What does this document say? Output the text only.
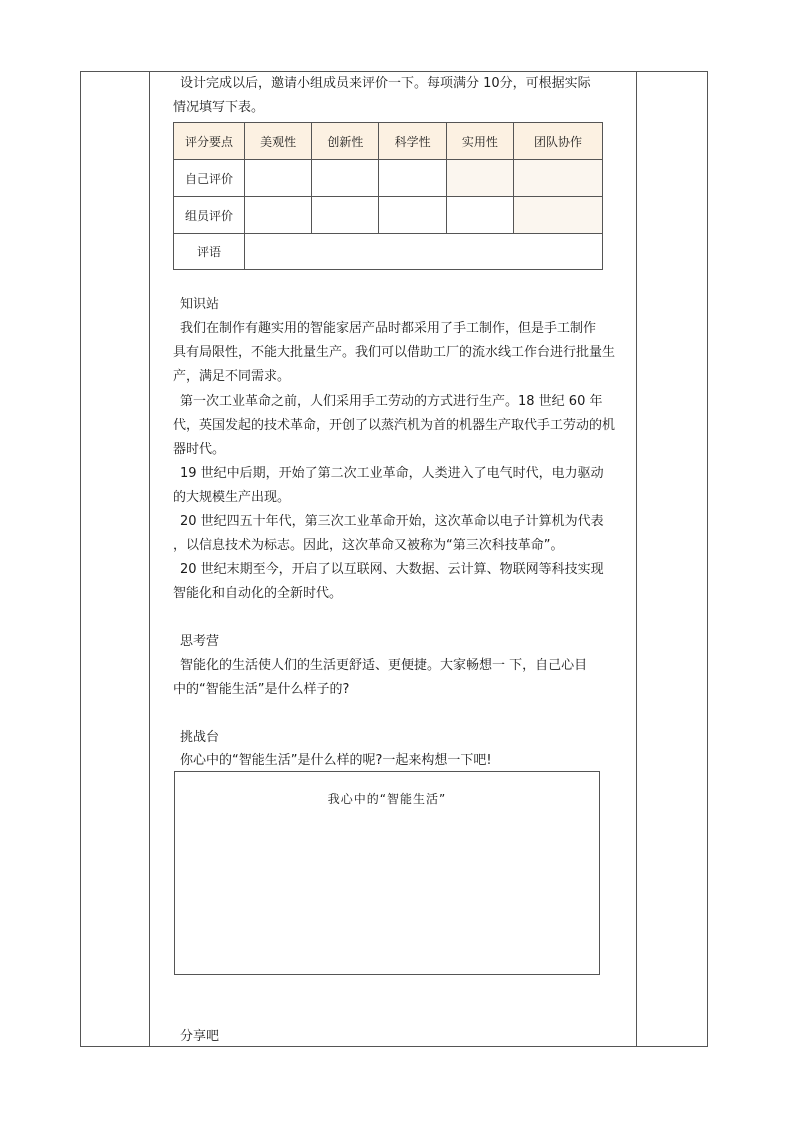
设计完成以后，邀请小组成员来评价一下。每项满分 10分，可根据实际
情况填写下表。
评分要点	美观性	创新性	科学性	实用性	团队协作
自己评价					
组员评价					
评语					
知识站
我们在制作有趣实用的智能家居产品时都采用了手工制作，但是手工制作
具有局限性，不能大批量生产。我们可以借助工厂的流水线工作台进行批量生
产，满足不同需求。
第一次工业革命之前，人们采用手工劳动的方式进行生产。18 世纪 60 年
代，英国发起的技术革命，开创了以蒸汽机为首的机器生产取代手工劳动的机
器时代。
19 世纪中后期，开始了第二次工业革命，人类进入了电气时代，电力驱动
的大规模生产出现。
20 世纪四五十年代，第三次工业革命开始，这次革命以电子计算机为代表
，以信息技术为标志。因此，这次革命又被称为“第三次科技革命”。
20 世纪末期至今，开启了以互联网、大数据、云计算、物联网等科技实现
智能化和自动化的全新时代。
思考营
智能化的生活使人们的生活更舒适、更便捷。大家畅想一 下，自己心目
中的“智能生活”是什么样子的?
挑战台
你心中的“智能生活”是什么样的呢?一起来构想一下吧!
我心中的“智能生活”
分享吧
